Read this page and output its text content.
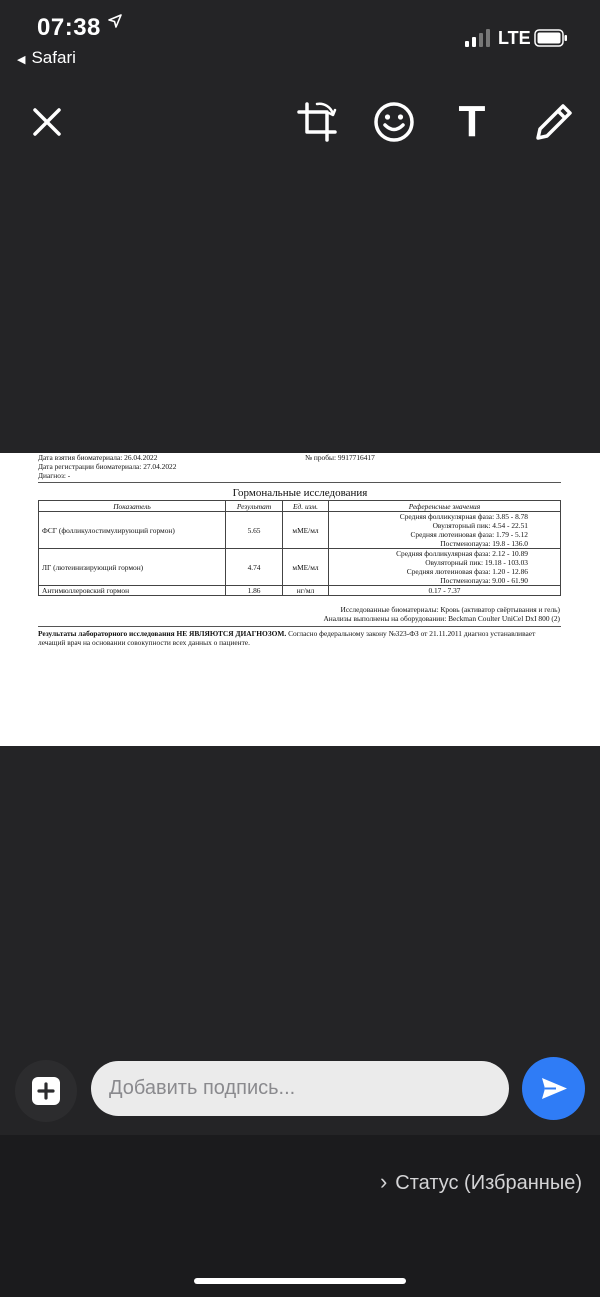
07:38
◀ Safari
LTE
T
Дата взятия биоматериала: 26.04.2022
Дата регистрации биоматериала: 27.04.2022
Диагноз: -
№ пробы: 9917716417
Гормональные исследования
Показатель	Результат	Ед. изм.	Референсные значения
ФСГ (фолликулостимулирующий гормон)	5.65	мМЕ/мл	Средняя фолликулярная фаза: 3.85 - 8.78
Овуляторный пик: 4.54 - 22.51
Средняя лютеиновая фаза: 1.79 - 5.12
Постменопауза: 19.8 - 136.0

ЛГ (лютеинизирующий гормон)	4.74	мМЕ/мл	Средняя фолликулярная фаза: 2.12 - 10.89
Овуляторный пик: 19.18 - 103.03
Средняя лютеиновая фаза: 1.20 - 12.86
Постменопауза: 9.00 - 61.90

Антимюллеровский гормон	1.86	нг/мл	0.17 - 7.37
Исследованные биоматериалы: Кровь (активатор свёртывания и гель)
Анализы выполнены на оборудовании: Beckman Coulter UniCel DxI 800 (2)
Результаты лабораторного исследования НЕ ЯВЛЯЮТСЯ ДИАГНОЗОМ. Согласно федеральному закону №323-ФЗ от 21.11.2011 диагноз устанавливает лечащий врач на основании совокупности всех данных о пациенте.
Добавить подпись...
› Статус (Избранные)
